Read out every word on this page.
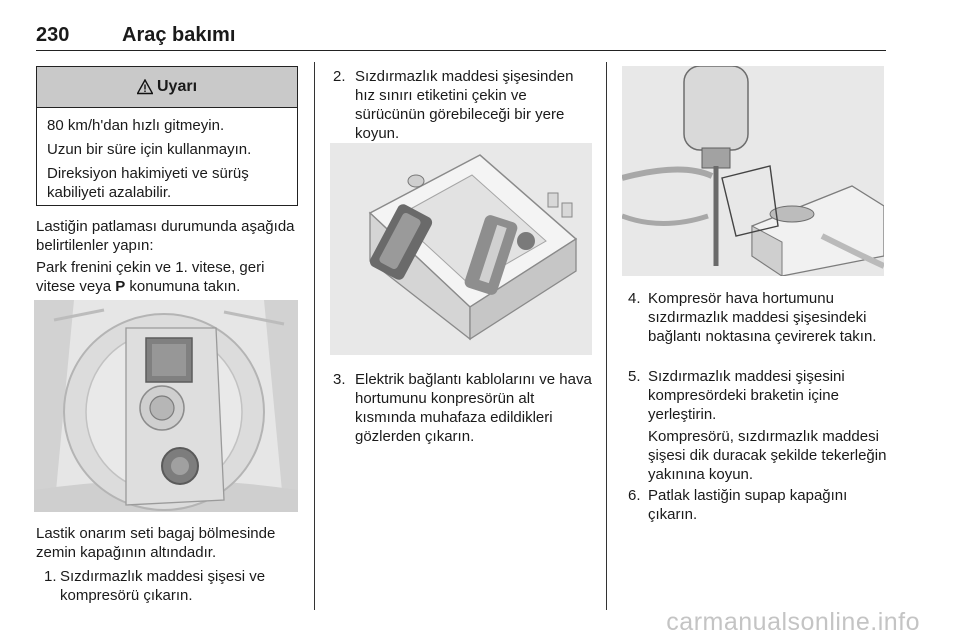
230	Araç bakımı
Uyarı

80 km/h'dan hızlı gitmeyin.

Uzun bir süre için kullanmayın.

Direksiyon hakimiyeti ve sürüş kabiliyeti azalabilir.

Lastiğin patlaması durumunda aşağıda belirtilenler yapın:

Park frenini çekin ve 1. vitese, geri vitese veya P konumuna takın.

Lastik onarım seti bagaj bölmesinde zemin kapağının altındadır.

1. Sızdırmazlık maddesi şişesi ve kompresörü çıkarın.
2. Sızdırmazlık maddesi şişesinden hız sınırı etiketini çekin ve sürücünün görebileceği bir yere koyun.
3. Elektrik bağlantı kablolarını ve hava hortumunu konpresörün alt kısmında muhafaza edildikleri gözlerden çıkarın.
4. Kompresör hava hortumunu sızdırmazlık maddesi şişesindeki bağlantı noktasına çevirerek takın.
5. Sızdırmazlık maddesi şişesini kompresördeki braketin içine yerleştirin.
Kompresörü, sızdırmazlık maddesi şişesi dik duracak şekilde tekerleğin yakınına koyun.
6. Patlak lastiğin supap kapağını çıkarın.
carmanualsonline.info
